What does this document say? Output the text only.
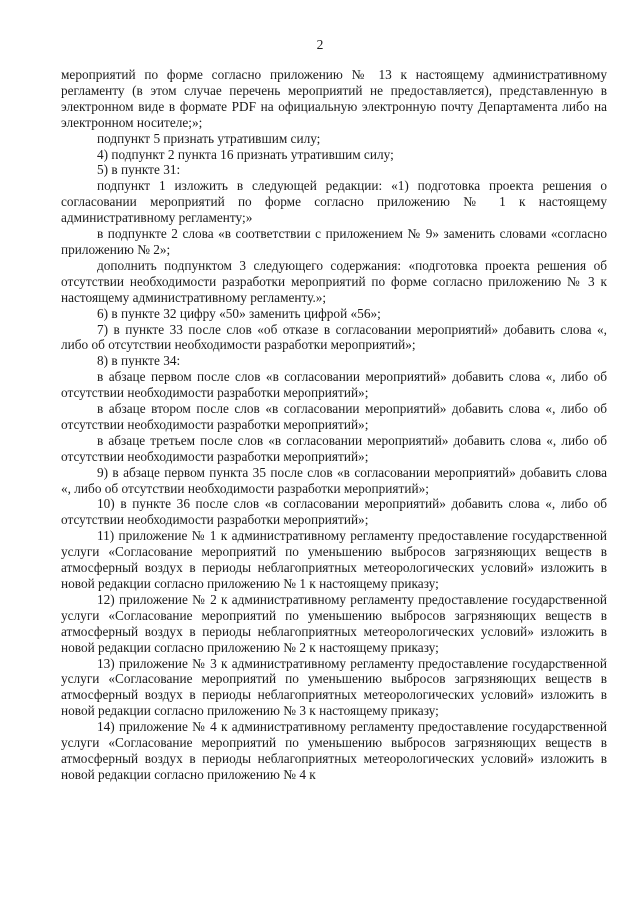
2

мероприятий по форме согласно приложению № 13 к настоящему административному регламенту (в этом случае перечень мероприятий не предоставляется), представленную в электронном виде в формате PDF на официальную электронную почту Департамента либо на электронном носителе;»;

подпункт 5 признать утратившим силу;

4) подпункт 2 пункта 16 признать утратившим силу;

5) в пункте 31:

подпункт 1 изложить в следующей редакции: «1) подготовка проекта решения о согласовании мероприятий по форме согласно приложению № 1 к настоящему административному регламенту;»

в подпункте 2 слова «в соответствии с приложением № 9» заменить словами «согласно приложению № 2»;

дополнить подпунктом 3 следующего содержания: «подготовка проекта решения об отсутствии необходимости разработки мероприятий по форме согласно приложению № 3 к настоящему административному регламенту.»;

6) в пункте 32 цифру «50» заменить цифрой «56»;

7) в пункте 33 после слов «об отказе в согласовании мероприятий» добавить слова «, либо об отсутствии необходимости разработки мероприятий»;

8) в пункте 34:

в абзаце первом после слов «в согласовании мероприятий» добавить слова «, либо об отсутствии необходимости разработки мероприятий»;

в абзаце втором после слов «в согласовании мероприятий» добавить слова «, либо об отсутствии необходимости разработки мероприятий»;

в абзаце третьем после слов «в согласовании мероприятий» добавить слова «, либо об отсутствии необходимости разработки мероприятий»;

9) в абзаце первом пункта 35 после слов «в согласовании мероприятий» добавить слова «, либо об отсутствии необходимости разработки мероприятий»;

10) в пункте 36 после слов «в согласовании мероприятий» добавить слова «, либо об отсутствии необходимости разработки мероприятий»;

11) приложение № 1 к административному регламенту предоставление государственной услуги «Согласование мероприятий по уменьшению выбросов загрязняющих веществ в атмосферный воздух в периоды неблагоприятных метеорологических условий» изложить в новой редакции согласно приложению № 1 к настоящему приказу;

12) приложение № 2 к административному регламенту предоставление государственной услуги «Согласование мероприятий по уменьшению выбросов загрязняющих веществ в атмосферный воздух в периоды неблагоприятных метеорологических условий» изложить в новой редакции согласно приложению № 2 к настоящему приказу;

13) приложение № 3 к административному регламенту предоставление государственной услуги «Согласование мероприятий по уменьшению выбросов загрязняющих веществ в атмосферный воздух в периоды неблагоприятных метеорологических условий» изложить в новой редакции согласно приложению № 3 к настоящему приказу;

14) приложение № 4 к административному регламенту предоставление государственной услуги «Согласование мероприятий по уменьшению выбросов загрязняющих веществ в атмосферный воздух в периоды неблагоприятных метеорологических условий» изложить в новой редакции согласно приложению № 4 к
